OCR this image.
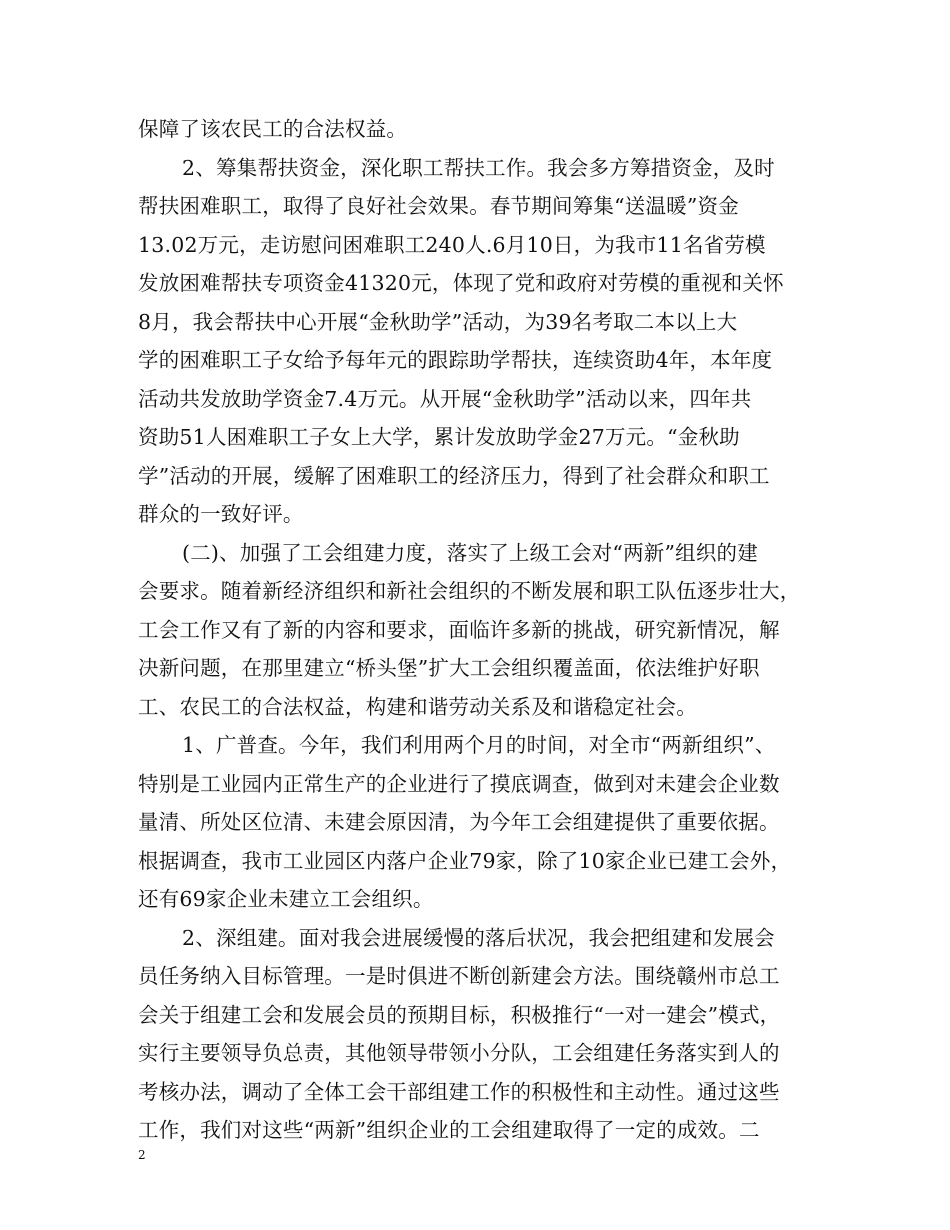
保障了该农民工的合法权益。
2、筹集帮扶资金，深化职工帮扶工作。我会多方筹措资金，及时
帮扶困难职工，取得了良好社会效果。春节期间筹集“送温暖”资金
13.02万元，走访慰问困难职工240人.6月10日，为我市11名省劳模
发放困难帮扶专项资金41320元，体现了党和政府对劳模的重视和关怀
8月，我会帮扶中心开展“金秋助学”活动，为39名考取二本以上大
学的困难职工子女给予每年元的跟踪助学帮扶，连续资助4年，本年度
活动共发放助学资金7.4万元。从开展“金秋助学”活动以来，四年共
资助51人困难职工子女上大学，累计发放助学金27万元。“金秋助
学”活动的开展，缓解了困难职工的经济压力，得到了社会群众和职工
群众的一致好评。
(二)、加强了工会组建力度，落实了上级工会对“两新”组织的建
会要求。随着新经济组织和新社会组织的不断发展和职工队伍逐步壮大，
工会工作又有了新的内容和要求，面临许多新的挑战，研究新情况，解
决新问题，在那里建立“桥头堡”扩大工会组织覆盖面，依法维护好职
工、农民工的合法权益，构建和谐劳动关系及和谐稳定社会。
1、广普查。今年，我们利用两个月的时间，对全市“两新组织”、
特别是工业园内正常生产的企业进行了摸底调查，做到对未建会企业数
量清、所处区位清、未建会原因清，为今年工会组建提供了重要依据。
根据调查，我市工业园区内落户企业79家，除了10家企业已建工会外，
还有69家企业未建立工会组织。
2、深组建。面对我会进展缓慢的落后状况，我会把组建和发展会
员任务纳入目标管理。一是时俱进不断创新建会方法。围绕赣州市总工
会关于组建工会和发展会员的预期目标，积极推行“一对一建会”模式，
实行主要领导负总责，其他领导带领小分队，工会组建任务落实到人的
考核办法，调动了全体工会干部组建工作的积极性和主动性。通过这些
工作，我们对这些“两新”组织企业的工会组建取得了一定的成效。二
2
